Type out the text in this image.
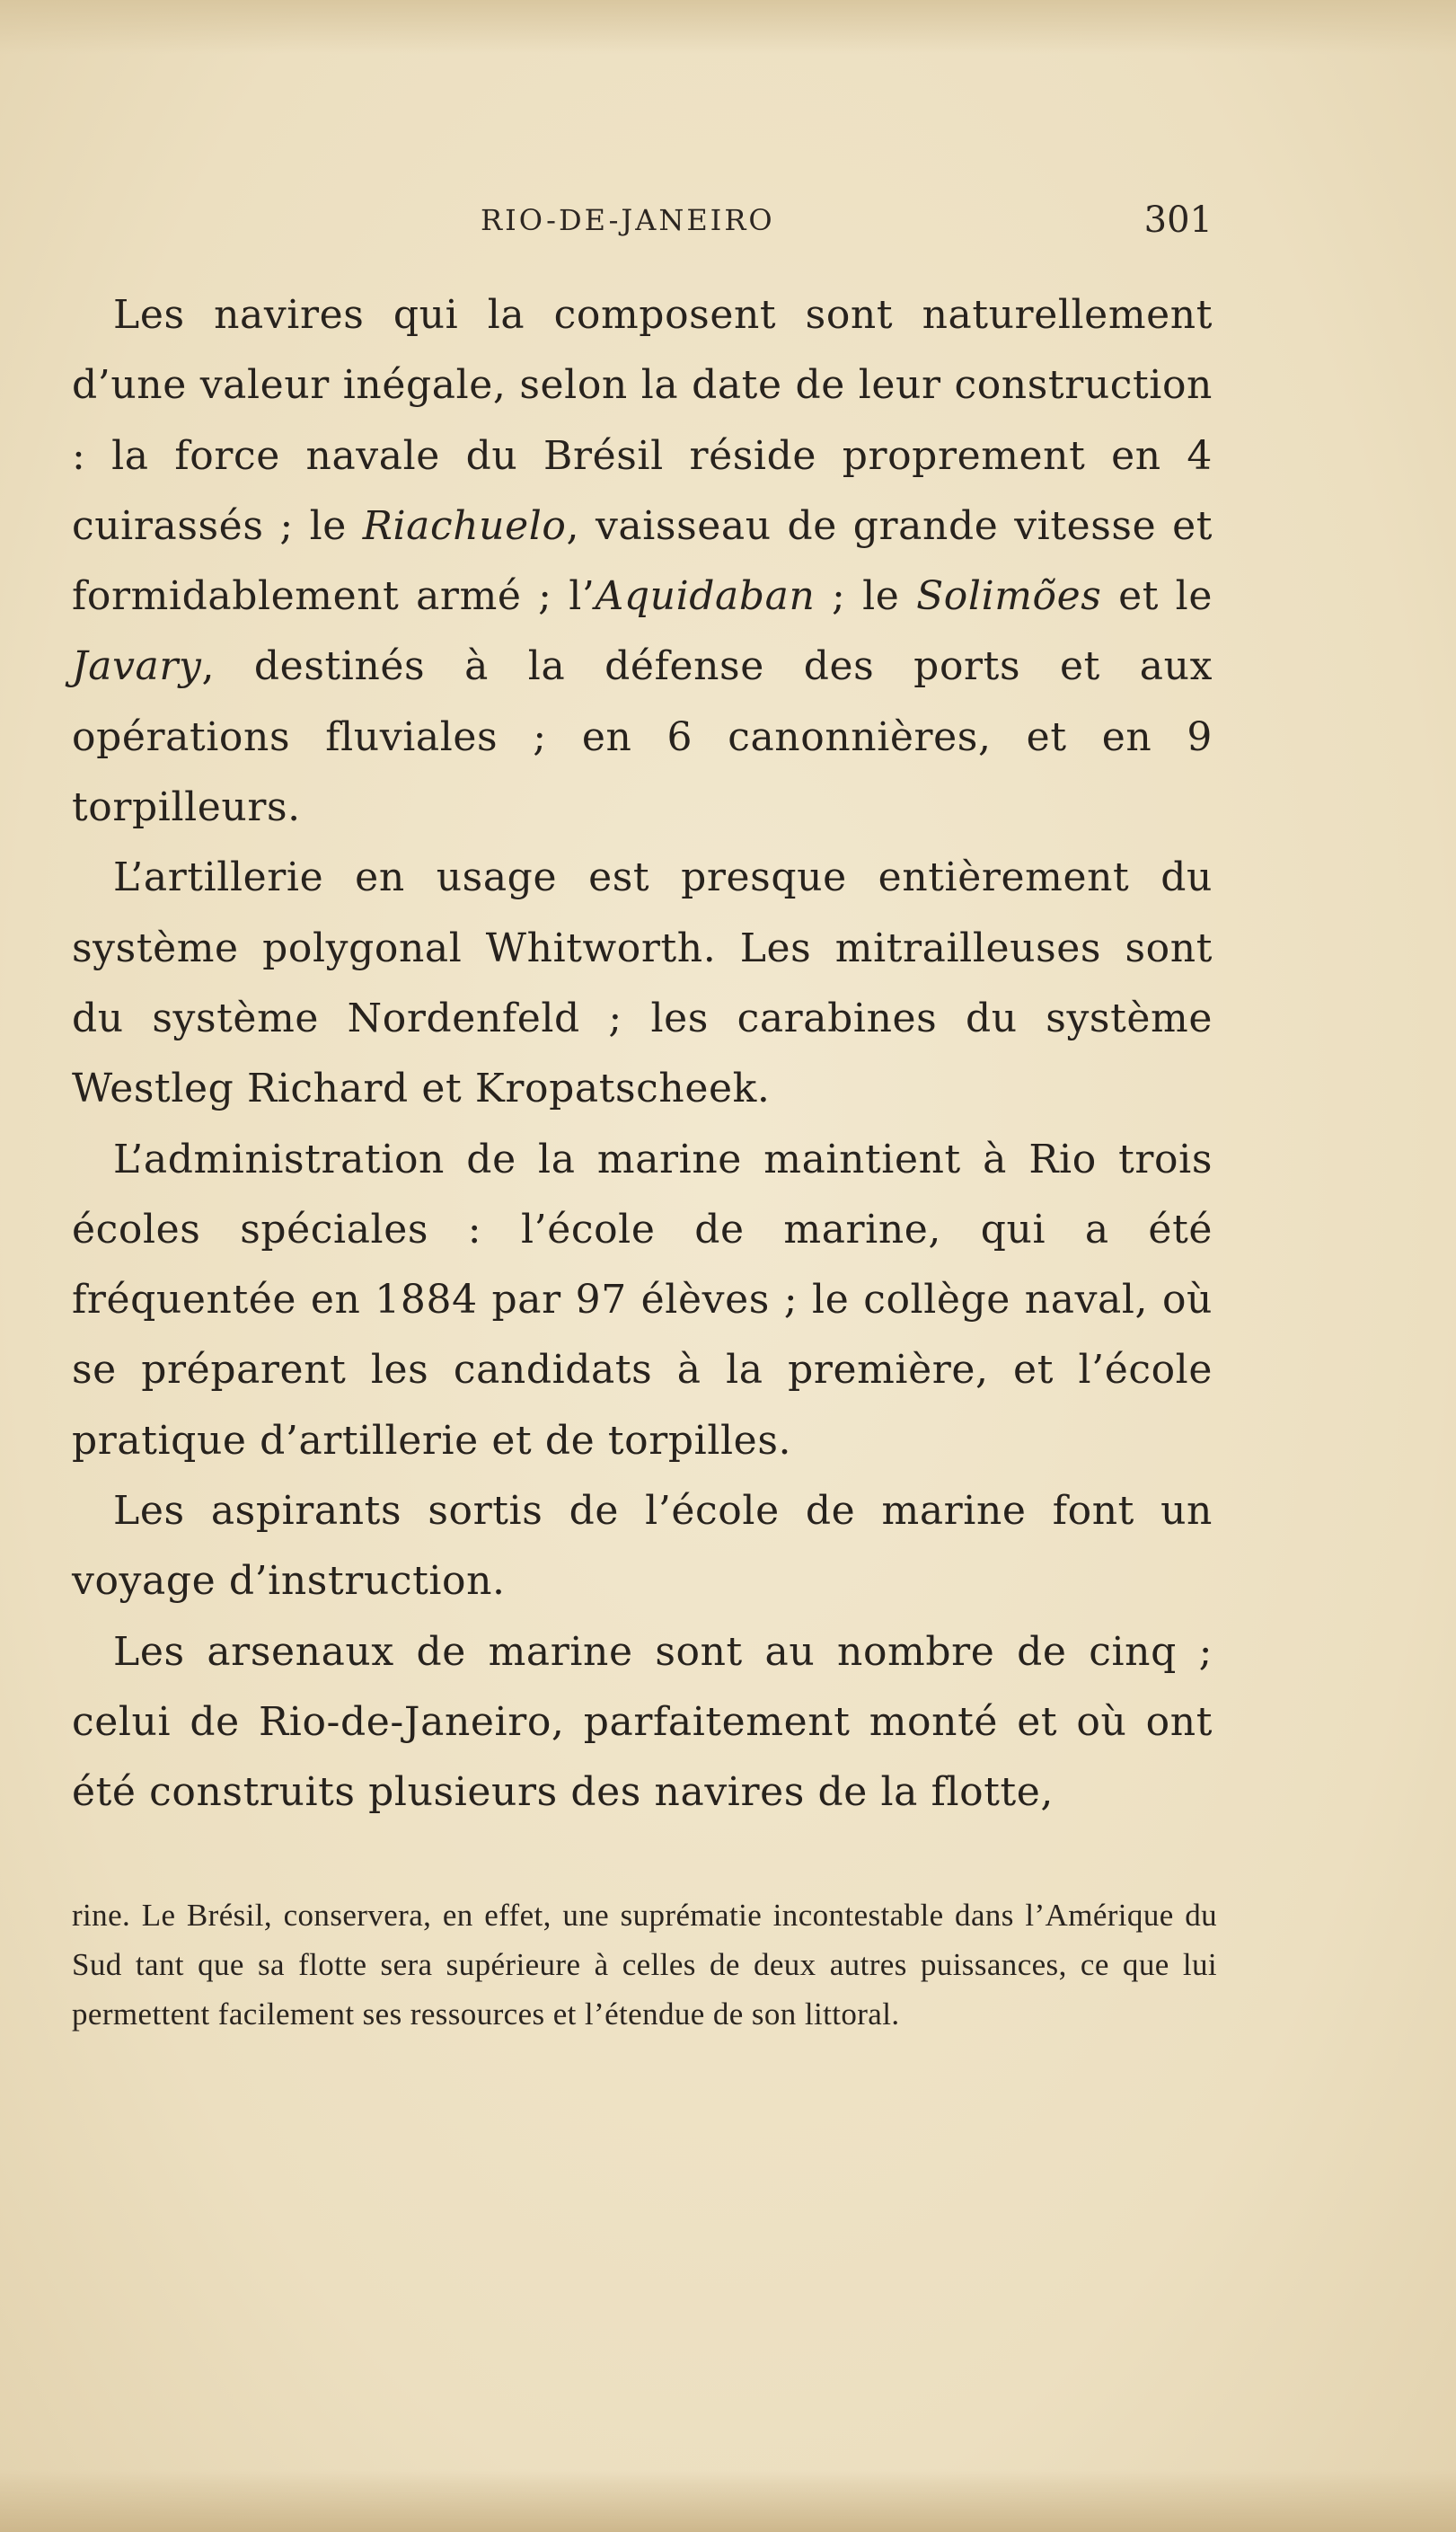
RIO-DE-JANEIRO	301

Les navires qui la composent sont naturellement d’une valeur inégale, selon la date de leur construction : la force navale du Brésil réside proprement en 4 cuirassés ; le Riachuelo, vaisseau de grande vitesse et formidablement armé ; l’Aquidaban ; le Solimões et le Javary, destinés à la défense des ports et aux opérations fluviales ; en 6 canonnières, et en 9 torpilleurs.

L’artillerie en usage est presque entièrement du système polygonal Whitworth. Les mitrailleuses sont du système Nordenfeld ; les carabines du système Westleg Richard et Kropatscheek.

L’administration de la marine maintient à Rio trois écoles spéciales : l’école de marine, qui a été fréquentée en 1884 par 97 élèves ; le collège naval, où se préparent les candidats à la première, et l’école pratique d’artillerie et de torpilles.

Les aspirants sortis de l’école de marine font un voyage d’instruction.

Les arsenaux de marine sont au nombre de cinq ; celui de Rio-de-Janeiro, parfaitement monté et où ont été construits plusieurs des navires de la flotte,

rine. Le Brésil, conservera, en effet, une suprématie incontestable dans l’Amérique du Sud tant que sa flotte sera supérieure à celles de deux autres puissances, ce que lui permettent facilement ses ressources et l’étendue de son littoral.
